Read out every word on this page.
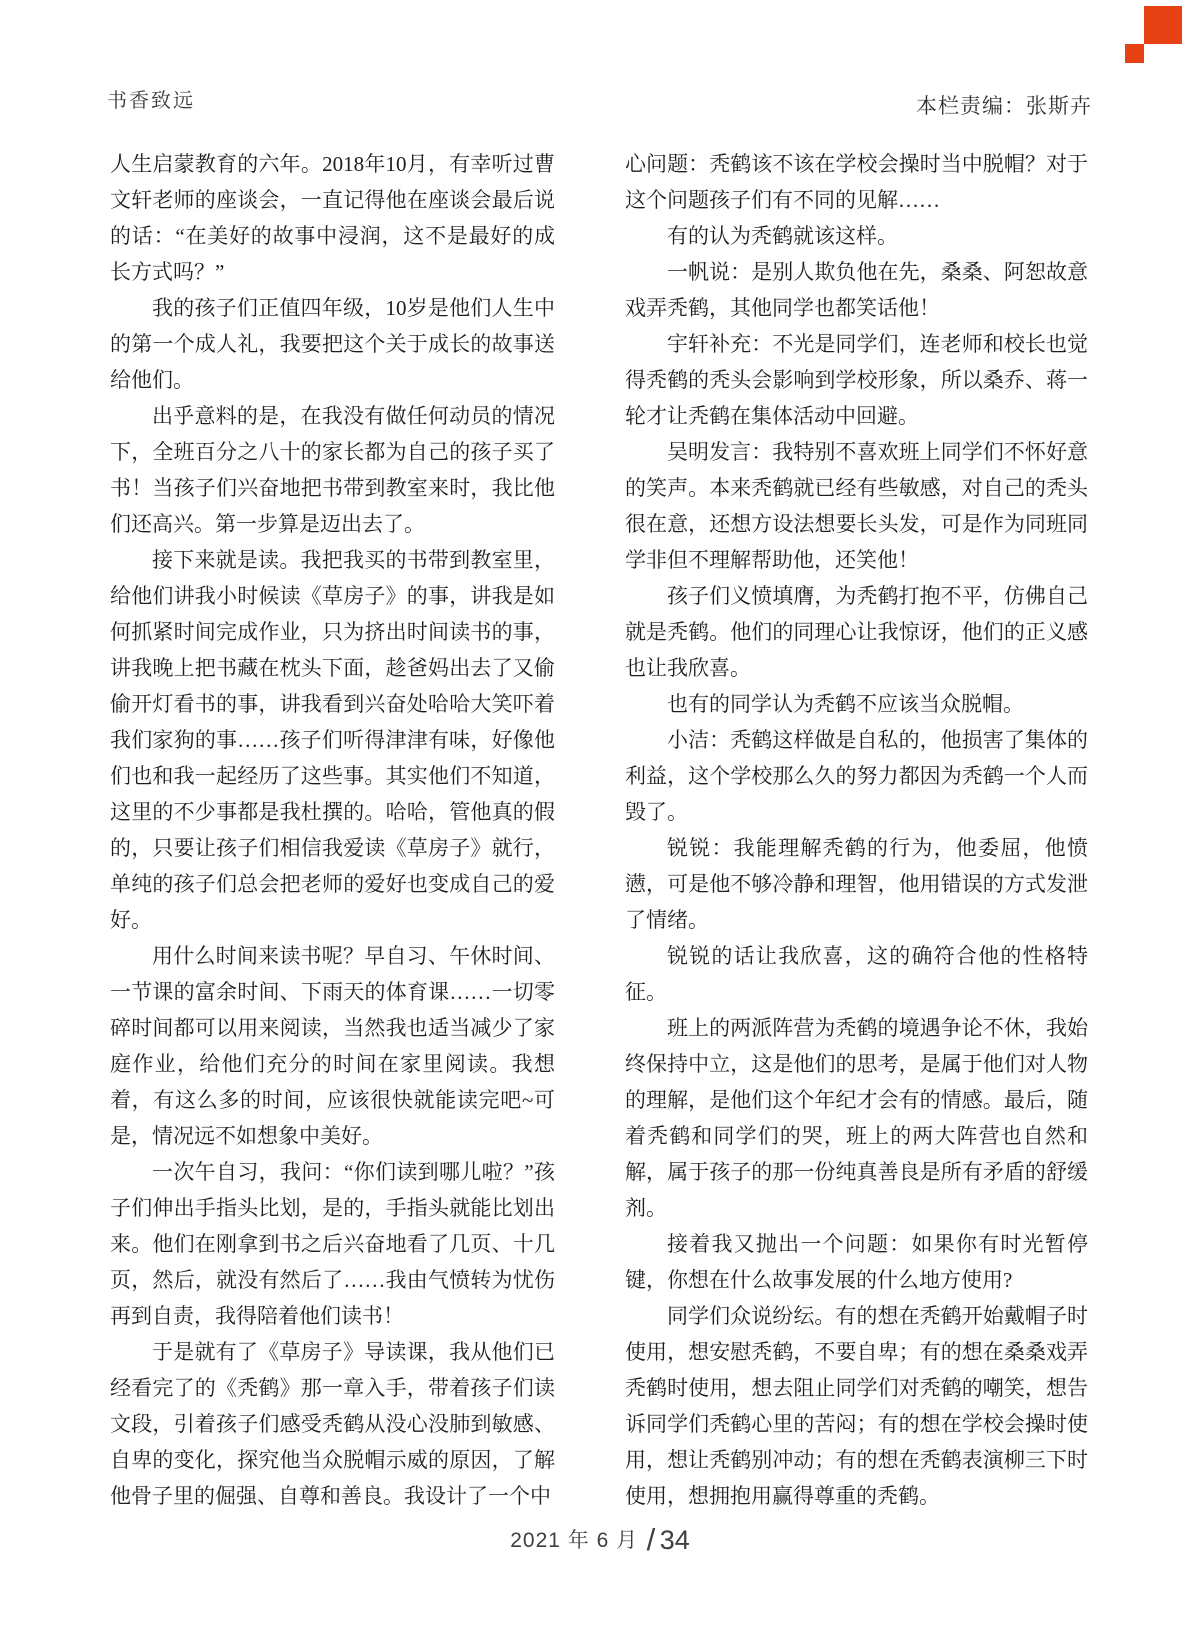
书香致远	本栏责编：张斯卉

人生启蒙教育的六年。2018年10月，有幸听过曹文轩老师的座谈会，一直记得他在座谈会最后说的话：“在美好的故事中浸润，这不是最好的成长方式吗？”

我的孩子们正值四年级，10岁是他们人生中的第一个成人礼，我要把这个关于成长的故事送给他们。

出乎意料的是，在我没有做任何动员的情况下，全班百分之八十的家长都为自己的孩子买了书！当孩子们兴奋地把书带到教室来时，我比他们还高兴。第一步算是迈出去了。

接下来就是读。我把我买的书带到教室里，给他们讲我小时候读《草房子》的事，讲我是如何抓紧时间完成作业，只为挤出时间读书的事，讲我晚上把书藏在枕头下面，趁爸妈出去了又偷偷开灯看书的事，讲我看到兴奋处哈哈大笑吓着我们家狗的事……孩子们听得津津有味，好像他们也和我一起经历了这些事。其实他们不知道，这里的不少事都是我杜撰的。哈哈，管他真的假的，只要让孩子们相信我爱读《草房子》就行，单纯的孩子们总会把老师的爱好也变成自己的爱好。

用什么时间来读书呢？早自习、午休时间、一节课的富余时间、下雨天的体育课……一切零碎时间都可以用来阅读，当然我也适当减少了家庭作业，给他们充分的时间在家里阅读。我想着，有这么多的时间，应该很快就能读完吧~可是，情况远不如想象中美好。

一次午自习，我问：“你们读到哪儿啦？”孩子们伸出手指头比划，是的，手指头就能比划出来。他们在刚拿到书之后兴奋地看了几页、十几页，然后，就没有然后了……我由气愤转为忧伤再到自责，我得陪着他们读书！

于是就有了《草房子》导读课，我从他们已经看完了的《秃鹤》那一章入手，带着孩子们读文段，引着孩子们感受秃鹤从没心没肺到敏感、自卑的变化，探究他当众脱帽示威的原因，了解他骨子里的倔强、自尊和善良。我设计了一个中

心问题：秃鹤该不该在学校会操时当中脱帽？对于这个问题孩子们有不同的见解……

有的认为秃鹤就该这样。

一帆说：是别人欺负他在先，桑桑、阿恕故意戏弄秃鹤，其他同学也都笑话他！

宇轩补充：不光是同学们，连老师和校长也觉得秃鹤的秃头会影响到学校形象，所以桑乔、蒋一轮才让秃鹤在集体活动中回避。

吴明发言：我特别不喜欢班上同学们不怀好意的笑声。本来秃鹤就已经有些敏感，对自己的秃头很在意，还想方设法想要长头发，可是作为同班同学非但不理解帮助他，还笑他！

孩子们义愤填膺，为秃鹤打抱不平，仿佛自己就是秃鹤。他们的同理心让我惊讶，他们的正义感也让我欣喜。

也有的同学认为秃鹤不应该当众脱帽。

小洁：秃鹤这样做是自私的，他损害了集体的利益，这个学校那么久的努力都因为秃鹤一个人而毁了。

锐锐：我能理解秃鹤的行为，他委屈，他愤懑，可是他不够冷静和理智，他用错误的方式发泄了情绪。

锐锐的话让我欣喜，这的确符合他的性格特征。

班上的两派阵营为秃鹤的境遇争论不休，我始终保持中立，这是他们的思考，是属于他们对人物的理解，是他们这个年纪才会有的情感。最后，随着秃鹤和同学们的哭，班上的两大阵营也自然和解，属于孩子的那一份纯真善良是所有矛盾的舒缓剂。

接着我又抛出一个问题：如果你有时光暂停键，你想在什么故事发展的什么地方使用?

同学们众说纷纭。有的想在秃鹤开始戴帽子时使用，想安慰秃鹤，不要自卑；有的想在桑桑戏弄秃鹤时使用，想去阻止同学们对秃鹤的嘲笑，想告诉同学们秃鹤心里的苦闷；有的想在学校会操时使用，想让秃鹤别冲动；有的想在秃鹤表演柳三下时使用，想拥抱用赢得尊重的秃鹤。

2021 年 6 月 / 34
